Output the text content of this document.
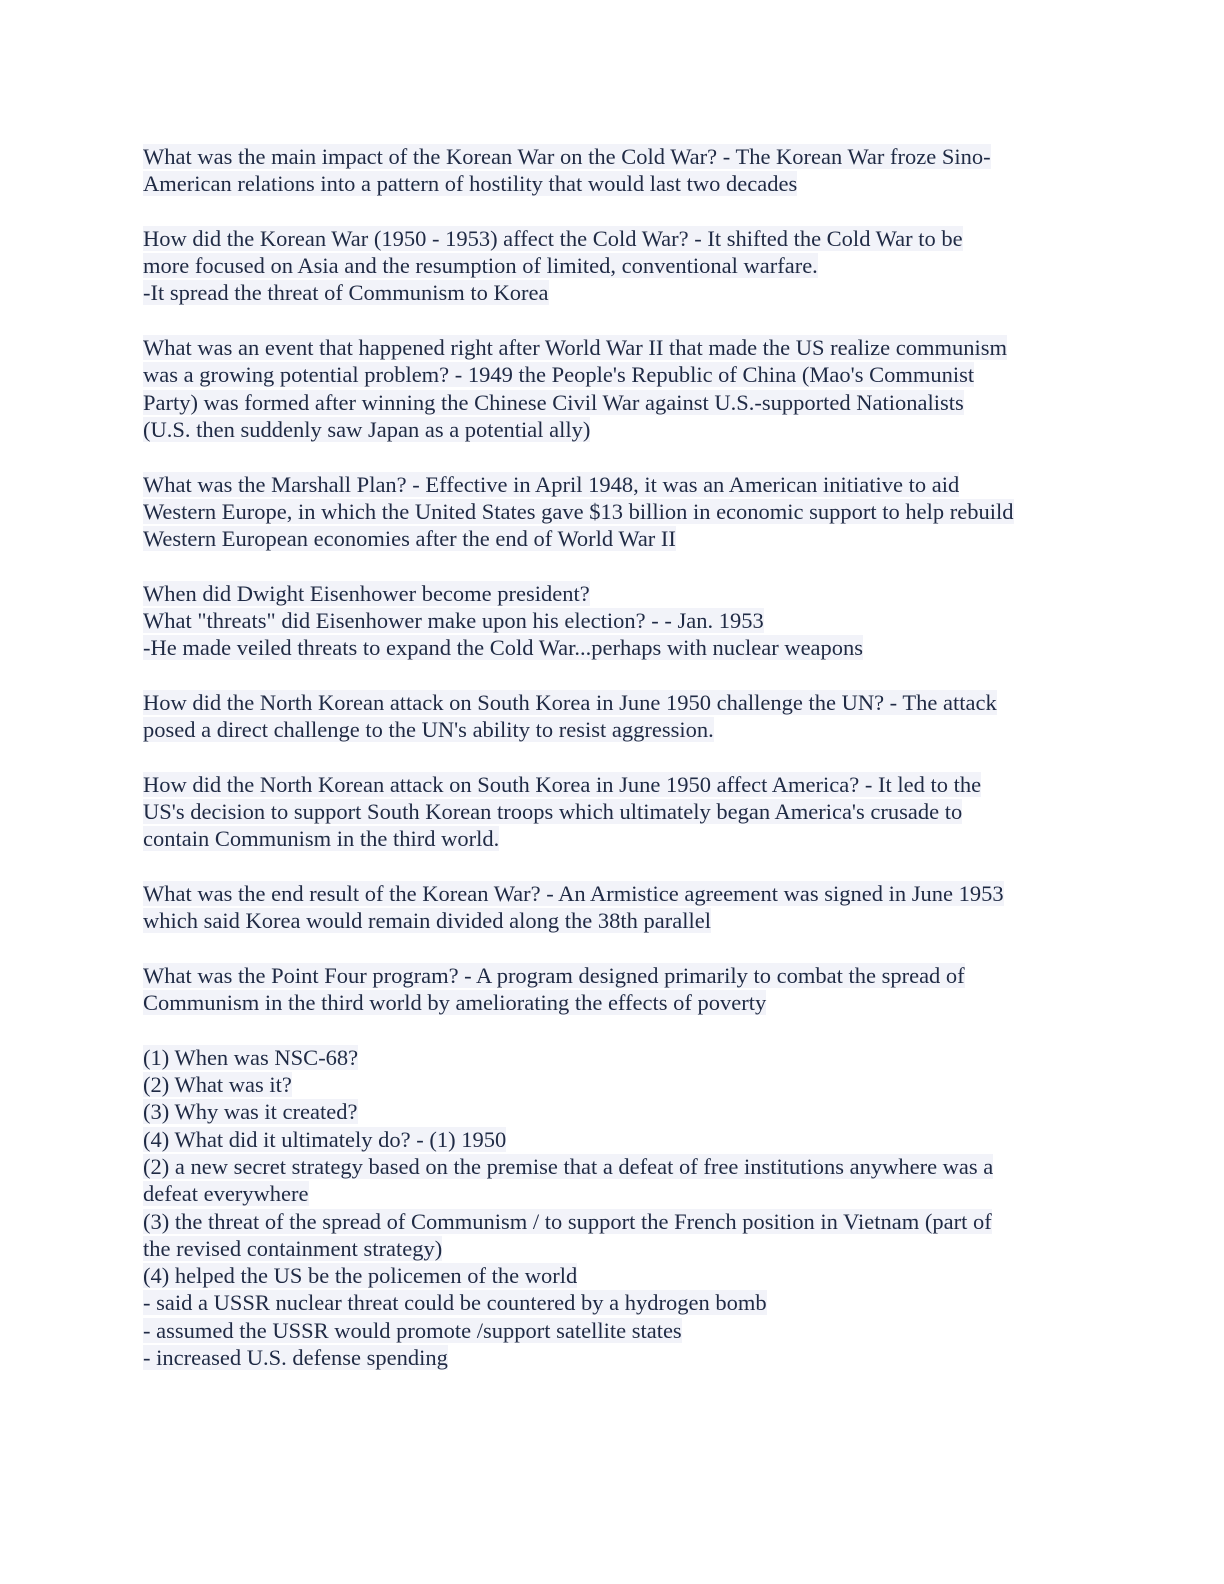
What was the main impact of the Korean War on the Cold War? - The Korean War froze Sino-
American relations into a pattern of hostility that would last two decades
How did the Korean War (1950 - 1953) affect the Cold War? - It shifted the Cold War to be
more focused on Asia and the resumption of limited, conventional warfare.
-It spread the threat of Communism to Korea
What was an event that happened right after World War II that made the US realize communism
was a growing potential problem? - 1949 the People's Republic of China (Mao's Communist
Party) was formed after winning the Chinese Civil War against U.S.-supported Nationalists
(U.S. then suddenly saw Japan as a potential ally)
What was the Marshall Plan? - Effective in April 1948, it was an American initiative to aid
Western Europe, in which the United States gave $13 billion in economic support to help rebuild
Western European economies after the end of World War II
When did Dwight Eisenhower become president?
What "threats" did Eisenhower make upon his election? - - Jan. 1953
-He made veiled threats to expand the Cold War...perhaps with nuclear weapons
How did the North Korean attack on South Korea in June 1950 challenge the UN? - The attack
posed a direct challenge to the UN's ability to resist aggression.
How did the North Korean attack on South Korea in June 1950 affect America? - It led to the
US's decision to support South Korean troops which ultimately began America's crusade to
contain Communism in the third world.
What was the end result of the Korean War? - An Armistice agreement was signed in June 1953
which said Korea would remain divided along the 38th parallel
What was the Point Four program? - A program designed primarily to combat the spread of
Communism in the third world by ameliorating the effects of poverty
(1) When was NSC-68?
(2) What was it?
(3) Why was it created?
(4) What did it ultimately do? - (1) 1950
(2) a new secret strategy based on the premise that a defeat of free institutions anywhere was a
defeat everywhere
(3) the threat of the spread of Communism / to support the French position in Vietnam (part of
the revised containment strategy)
(4) helped the US be the policemen of the world
- said a USSR nuclear threat could be countered by a hydrogen bomb
- assumed the USSR would promote /support satellite states
- increased U.S. defense spending
